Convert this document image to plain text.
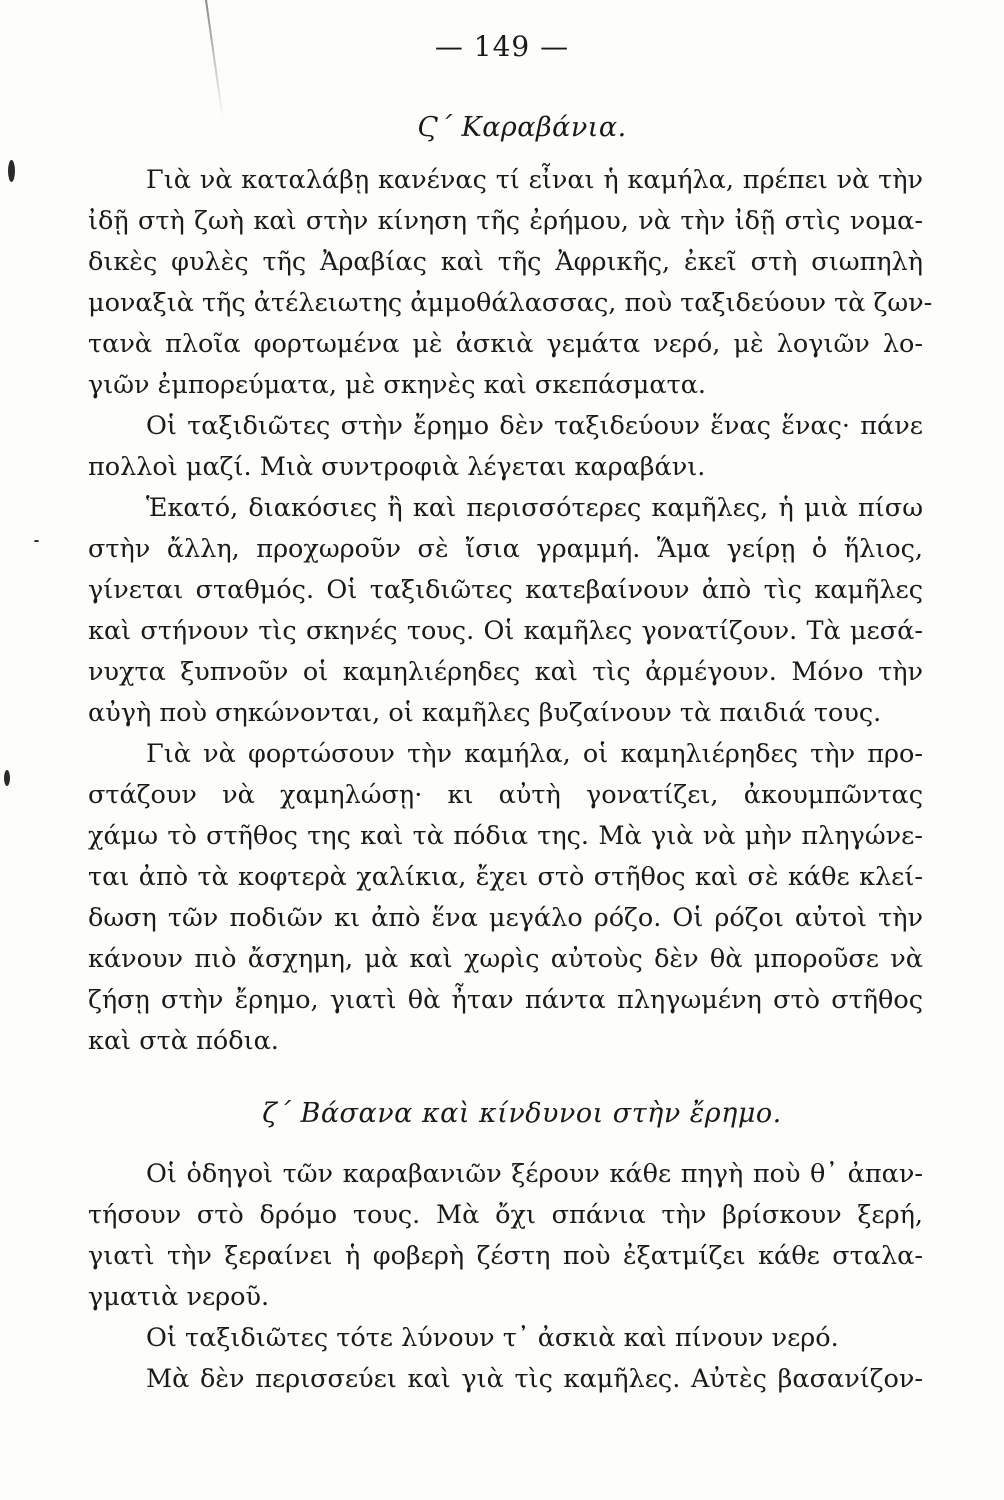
— 149 —
Ϛ΄ Καραβάνια.
Γιὰ νὰ καταλάβῃ κανένας τί εἶναι ἡ καμήλα, πρέπει νὰ τὴν
ἰδῇ στὴ ζωὴ καὶ στὴν κίνηση τῆς ἐρήμου, νὰ τὴν ἰδῇ στὶς νομα-
δικὲς φυλὲς τῆς Ἀραβίας καὶ τῆς Ἀφρικῆς, ἐκεῖ στὴ σιωπηλὴ
μοναξιὰ τῆς ἀτέλειωτης ἀμμοθάλασσας, ποὺ ταξιδεύουν τὰ ζων-
τανὰ πλοῖα φορτωμένα μὲ ἀσκιὰ γεμάτα νερό, μὲ λογιῶν λο-
γιῶν ἐμπορεύματα, μὲ σκηνὲς καὶ σκεπάσματα.
Οἱ ταξιδιῶτες στὴν ἔρημο δὲν ταξιδεύουν ἕνας ἕνας· πάνε
πολλοὶ μαζί. Μιὰ συντροφιὰ λέγεται καραβάνι.
Ἑκατό, διακόσιες ἢ καὶ περισσότερες καμῆλες, ἡ μιὰ πίσω
στὴν ἄλλη, προχωροῦν σὲ ἴσια γραμμή. Ἅμα γείρῃ ὁ ἥλιος,
γίνεται σταθμός. Οἱ ταξιδιῶτες κατεβαίνουν ἀπὸ τὶς καμῆλες
καὶ στήνουν τὶς σκηνές τους. Οἱ καμῆλες γονατίζουν. Τὰ μεσά-
νυχτα ξυπνοῦν οἱ καμηλιέρηδες καὶ τὶς ἀρμέγουν. Μόνο τὴν
αὐγὴ ποὺ σηκώνονται, οἱ καμῆλες βυζαίνουν τὰ παιδιά τους.
Γιὰ νὰ φορτώσουν τὴν καμήλα, οἱ καμηλιέρηδες τὴν προ-
στάζουν νὰ χαμηλώσῃ· κι αὐτὴ γονατίζει, ἀκουμπῶντας
χάμω τὸ στῆθος της καὶ τὰ πόδια της. Μὰ γιὰ νὰ μὴν πληγώνε-
ται ἀπὸ τὰ κοφτερὰ χαλίκια, ἔχει στὸ στῆθος καὶ σὲ κάθε κλεί-
δωση τῶν ποδιῶν κι ἀπὸ ἕνα μεγάλο ρόζο. Οἱ ρόζοι αὐτοὶ τὴν
κάνουν πιὸ ἄσχημη, μὰ καὶ χωρὶς αὐτοὺς δὲν θὰ μποροῦσε νὰ
ζήσῃ στὴν ἔρημο, γιατὶ θὰ ἦταν πάντα πληγωμένη στὸ στῆθος
καὶ στὰ πόδια.
ζ΄ Βάσανα καὶ κίνδυνοι στὴν ἔρημο.
Οἱ ὁδηγοὶ τῶν καραβανιῶν ξέρουν κάθε πηγὴ ποὺ θ᾽ ἀπαν-
τήσουν στὸ δρόμο τους. Μὰ ὄχι σπάνια τὴν βρίσκουν ξερή,
γιατὶ τὴν ξεραίνει ἡ φοβερὴ ζέστη ποὺ ἐξατμίζει κάθε σταλα-
γματιὰ νεροῦ.
Οἱ ταξιδιῶτες τότε λύνουν τ᾽ ἀσκιὰ καὶ πίνουν νερό.
Μὰ δὲν περισσεύει καὶ γιὰ τὶς καμῆλες. Αὐτὲς βασανίζον-
